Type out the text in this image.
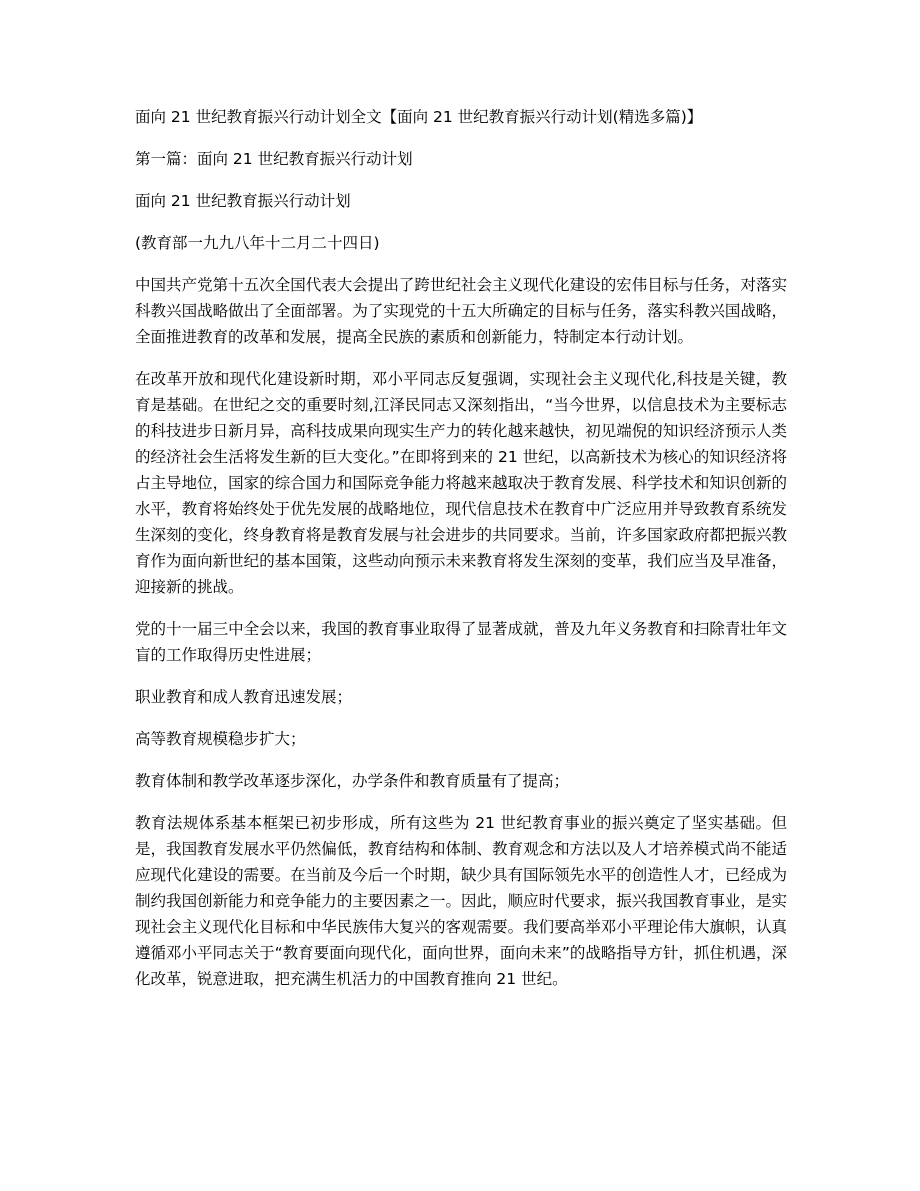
面向 21 世纪教育振兴行动计划全文【面向 21 世纪教育振兴行动计划(精选多篇)】

第一篇：面向 21 世纪教育振兴行动计划

面向 21 世纪教育振兴行动计划

(教育部一九九八年十二月二十四日)

中国共产党第十五次全国代表大会提出了跨世纪社会主义现代化建设的宏伟目标与任务，对落实科教兴国战略做出了全面部署。为了实现党的十五大所确定的目标与任务，落实科教兴国战略，全面推进教育的改革和发展，提高全民族的素质和创新能力，特制定本行动计划。

在改革开放和现代化建设新时期，邓小平同志反复强调，实现社会主义现代化,科技是关键，教育是基础。在世纪之交的重要时刻,江泽民同志又深刻指出，“当今世界，以信息技术为主要标志的科技进步日新月异，高科技成果向现实生产力的转化越来越快，初见端倪的知识经济预示人类的经济社会生活将发生新的巨大变化。”在即将到来的 21 世纪，以高新技术为核心的知识经济将占主导地位，国家的综合国力和国际竞争能力将越来越取决于教育发展、科学技术和知识创新的水平，教育将始终处于优先发展的战略地位，现代信息技术在教育中广泛应用并导致教育系统发生深刻的变化，终身教育将是教育发展与社会进步的共同要求。当前，许多国家政府都把振兴教育作为面向新世纪的基本国策，这些动向预示未来教育将发生深刻的变革，我们应当及早准备，迎接新的挑战。

党的十一届三中全会以来，我国的教育事业取得了显著成就，普及九年义务教育和扫除青壮年文盲的工作取得历史性进展；

职业教育和成人教育迅速发展；

高等教育规模稳步扩大；

教育体制和教学改革逐步深化，办学条件和教育质量有了提高；

教育法规体系基本框架已初步形成，所有这些为 21 世纪教育事业的振兴奠定了坚实基础。但是，我国教育发展水平仍然偏低，教育结构和体制、教育观念和方法以及人才培养模式尚不能适应现代化建设的需要。在当前及今后一个时期，缺少具有国际领先水平的创造性人才，已经成为制约我国创新能力和竞争能力的主要因素之一。因此，顺应时代要求，振兴我国教育事业，是实现社会主义现代化目标和中华民族伟大复兴的客观需要。我们要高举邓小平理论伟大旗帜，认真遵循邓小平同志关于“教育要面向现代化，面向世界，面向未来”的战略指导方针，抓住机遇，深化改革，锐意进取，把充满生机活力的中国教育推向 21 世纪。
